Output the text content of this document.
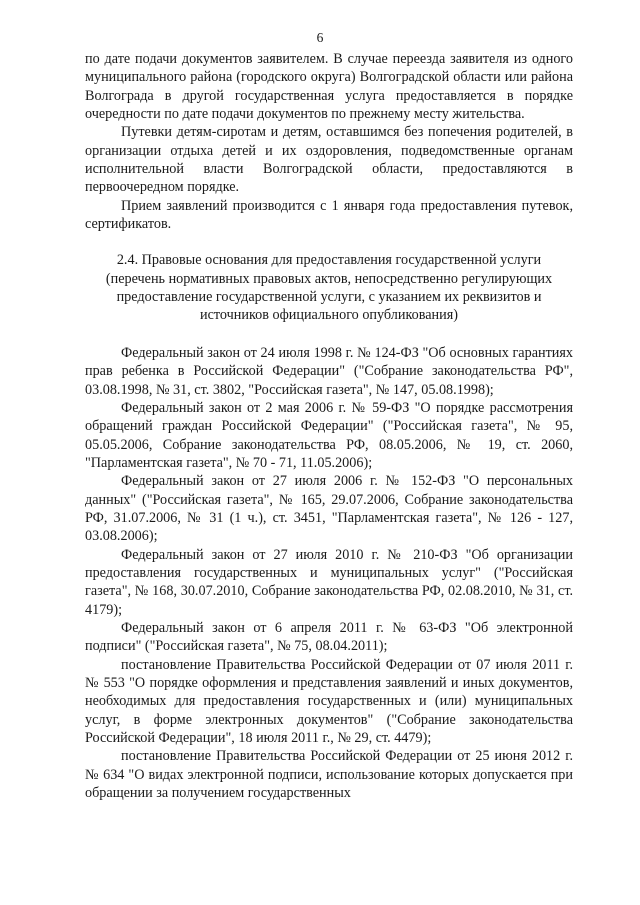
6

по дате подачи документов заявителем. В случае переезда заявителя из одного муниципального района (городского округа) Волгоградской области или района Волгограда в другой государственная услуга предоставляется в порядке очередности по дате подачи документов по прежнему месту жительства.

Путевки детям-сиротам и детям, оставшимся без попечения родителей, в организации отдыха детей и их оздоровления, подведомственные органам исполнительной власти Волгоградской области, предоставляются в первоочередном порядке.

Прием заявлений производится с 1 января года предоставления путевок, сертификатов.

2.4. Правовые основания для предоставления государственной услуги (перечень нормативных правовых актов, непосредственно регулирующих предоставление государственной услуги, с указанием их реквизитов и источников официального опубликования)

Федеральный закон от 24 июля 1998 г. № 124-ФЗ "Об основных гарантиях прав ребенка в Российской Федерации" ("Собрание законодательства РФ", 03.08.1998, № 31, ст. 3802, "Российская газета", № 147, 05.08.1998);

Федеральный закон от 2 мая 2006 г. № 59-ФЗ "О порядке рассмотрения обращений граждан Российской Федерации" ("Российская газета", № 95, 05.05.2006, Собрание законодательства РФ, 08.05.2006, № 19, ст. 2060, "Парламентская газета", № 70 - 71, 11.05.2006);

Федеральный закон от 27 июля 2006 г. № 152-ФЗ "О персональных данных" ("Российская газета", № 165, 29.07.2006, Собрание законодательства РФ, 31.07.2006, № 31 (1 ч.), ст. 3451, "Парламентская газета", № 126 - 127, 03.08.2006);

Федеральный закон от 27 июля 2010 г. № 210-ФЗ "Об организации предоставления государственных и муниципальных услуг" ("Российская газета", № 168, 30.07.2010, Собрание законодательства РФ, 02.08.2010, № 31, ст. 4179);

Федеральный закон от 6 апреля 2011 г. № 63-ФЗ "Об электронной подписи" ("Российская газета", № 75, 08.04.2011);

постановление Правительства Российской Федерации от 07 июля 2011 г. № 553 "О порядке оформления и представления заявлений и иных документов, необходимых для предоставления государственных и (или) муниципальных услуг, в форме электронных документов" ("Собрание законодательства Российской Федерации", 18 июля 2011 г., № 29, ст. 4479);

постановление Правительства Российской Федерации от 25 июня 2012 г. № 634 "О видах электронной подписи, использование которых допускается при обращении за получением государственных
